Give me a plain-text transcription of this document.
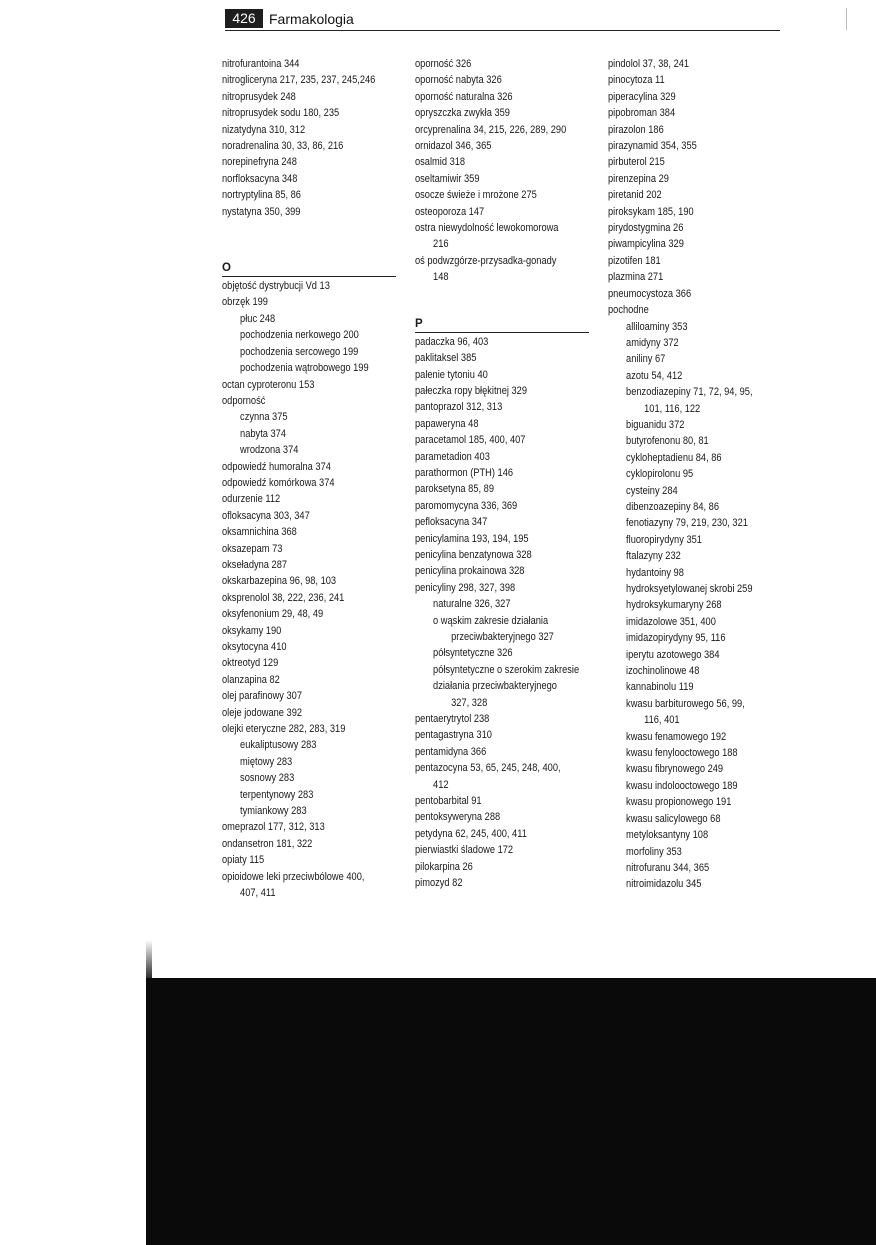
426 Farmakologia
nitrofurantoina 344
nitrogliceryna 217, 235, 237, 245,246
nitroprusydek 248
nitroprusydek sodu 180, 235
nizatydyna 310, 312
noradrenalina 30, 33, 86, 216
norepinefryna 248
norfloksacyna 348
nortryptylina 85, 86
nystatyna 350, 399
O
objętość dystrybucji Vd 13
obrzęk 199
płuc 248
pochodzenia nerkowego 200
pochodzenia sercowego 199
pochodzenia wątrobowego 199
octan cyproteronu 153
odporność
czynna 375
nabyta 374
wrodzona 374
odpowiedź humoralna 374
odpowiedź komórkowa 374
odurzenie 112
ofloksacyna 303, 347
oksamnichina 368
oksazepam 73
okseładyna 287
okskarbazepina 96, 98, 103
oksprenolol 38, 222, 236, 241
oksyfenonium 29, 48, 49
oksykamy 190
oksytocyna 410
oktreotyd 129
olanzapina 82
olej parafinowy 307
oleje jodowane 392
olejki eteryczne 282, 283, 319
eukaliptusowy 283
miętowy 283
sosnowy 283
terpentynowy 283
tymiankowy 283
omeprazol 177, 312, 313
ondansetron 181, 322
opiaty 115
opioidowe leki przeciwbólowe 400,
407, 411
oporność 326
oporność nabyta 326
oporność naturalna 326
opryszczka zwykła 359
orcyprenalina 34, 215, 226, 289, 290
ornidazol 346, 365
osalmid 318
oseltamiwir 359
osocze świeże i mrożone 275
osteoporoza 147
ostra niewydolność lewokomorowa
216
oś podwzgórze-przysadka-gonady
148
P
padaczka 96, 403
paklitaksel 385
palenie tytoniu 40
pałeczka ropy błękitnej 329
pantoprazol 312, 313
papaweryna 48
paracetamol 185, 400, 407
parametadion 403
parathormon (PTH) 146
paroksetyna 85, 89
paromomycyna 336, 369
pefloksacyna 347
penicylamina 193, 194, 195
penicylina benzatynowa 328
penicylina prokainowa 328
penicyliny 298, 327, 398
naturalne 326, 327
o wąskim zakresie działania
przeciwbakteryjnego 327
półsyntetyczne 326
półsyntetyczne o szerokim zakresie
działania przeciwbakteryjnego
327, 328
pentaerytrytol 238
pentagastryna 310
pentamidyna 366
pentazocyna 53, 65, 245, 248, 400,
412
pentobarbital 91
pentoksyweryna 288
petydyna 62, 245, 400, 411
pierwiastki śladowe 172
pilokarpina 26
pimozyd 82
pindolol 37, 38, 241
pinocytoza 11
piperacylina 329
pipobroman 384
pirazolon 186
pirazynamid 354, 355
pirbuterol 215
pirenzepina 29
piretanid 202
piroksykam 185, 190
pirydostygmina 26
piwampicylina 329
pizotifen 181
plazmina 271
pneumocystoza 366
pochodne
alliloaminy 353
amidyny 372
aniliny 67
azotu 54, 412
benzodiazepiny 71, 72, 94, 95,
101, 116, 122
biguanidu 372
butyrofenonu 80, 81
cykloheptadienu 84, 86
cyklopirolonu 95
cysteiny 284
dibenzoazepiny 84, 86
fenotiazyny 79, 219, 230, 321
fluoropirydyny 351
ftalazyny 232
hydantoiny 98
hydroksyetylowanej skrobi 259
hydroksykumaryny 268
imidazolowe 351, 400
imidazopirydyny 95, 116
iperytu azotowego 384
izochinolinowe 48
kannabinolu 119
kwasu barbiturowego 56, 99,
116, 401
kwasu fenamowego 192
kwasu fenylooctowego 188
kwasu fibrynowego 249
kwasu indolooctowego 189
kwasu propionowego 191
kwasu salicylowego 68
metyloksantyny 108
morfoliny 353
nitrofuranu 344, 365
nitroimidazolu 345
